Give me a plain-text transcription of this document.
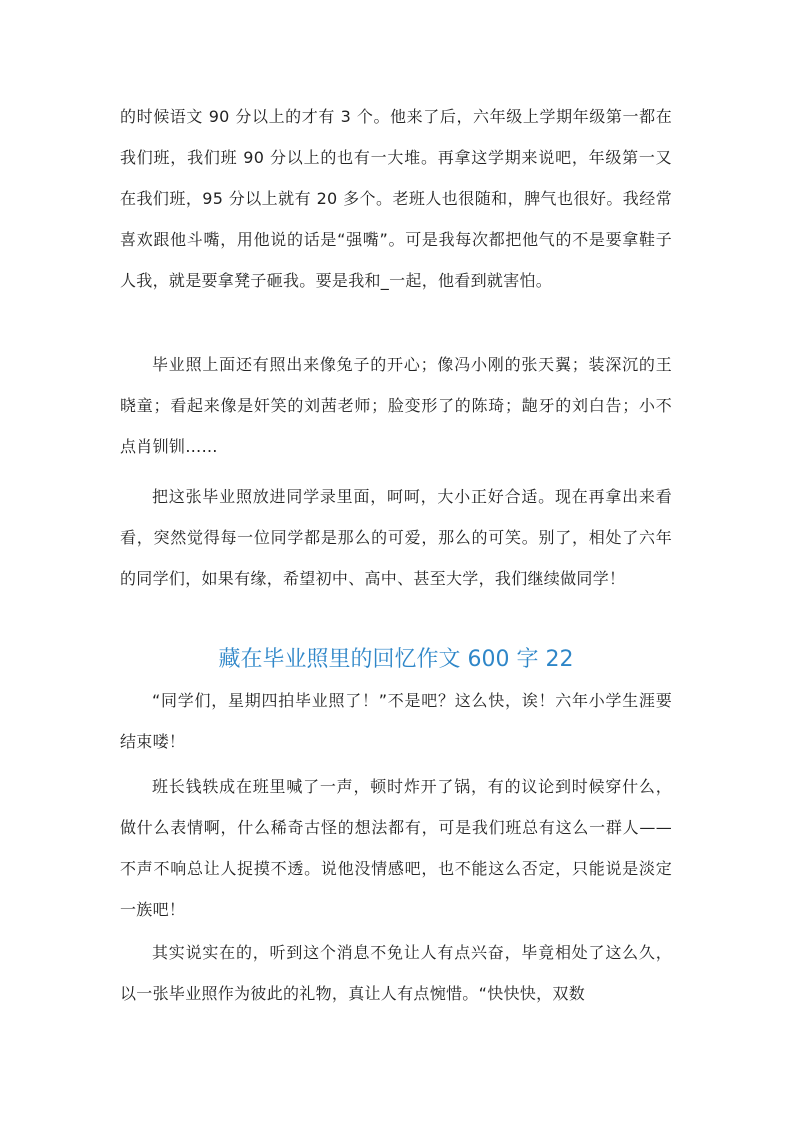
的时候语文 90 分以上的才有 3 个。他来了后，六年级上学期年级第一都在我们班，我们班 90 分以上的也有一大堆。再拿这学期来说吧，年级第一又在我们班，95 分以上就有 20 多个。老班人也很随和，脾气也很好。我经常喜欢跟他斗嘴，用他说的话是“强嘴”。可是我每次都把他气的不是要拿鞋子人我，就是要拿凳子砸我。要是我和_一起，他看到就害怕。

毕业照上面还有照出来像兔子的开心；像冯小刚的张天翼；装深沉的王晓童；看起来像是奸笑的刘茜老师；脸变形了的陈琦；龅牙的刘白告；小不点肖钏钏……

把这张毕业照放进同学录里面，呵呵，大小正好合适。现在再拿出来看看，突然觉得每一位同学都是那么的可爱，那么的可笑。别了，相处了六年的同学们，如果有缘，希望初中、高中、甚至大学，我们继续做同学！

藏在毕业照里的回忆作文 600 字 22

“同学们，星期四拍毕业照了！”不是吧？这么快，诶！六年小学生涯要结束喽！

班长钱轶成在班里喊了一声，顿时炸开了锅，有的议论到时候穿什么，做什么表情啊，什么稀奇古怪的想法都有，可是我们班总有这么一群人——不声不响总让人捉摸不透。说他没情感吧，也不能这么否定，只能说是淡定一族吧！

其实说实在的，听到这个消息不免让人有点兴奋，毕竟相处了这么久，以一张毕业照作为彼此的礼物，真让人有点惋惜。“快快快，双数
